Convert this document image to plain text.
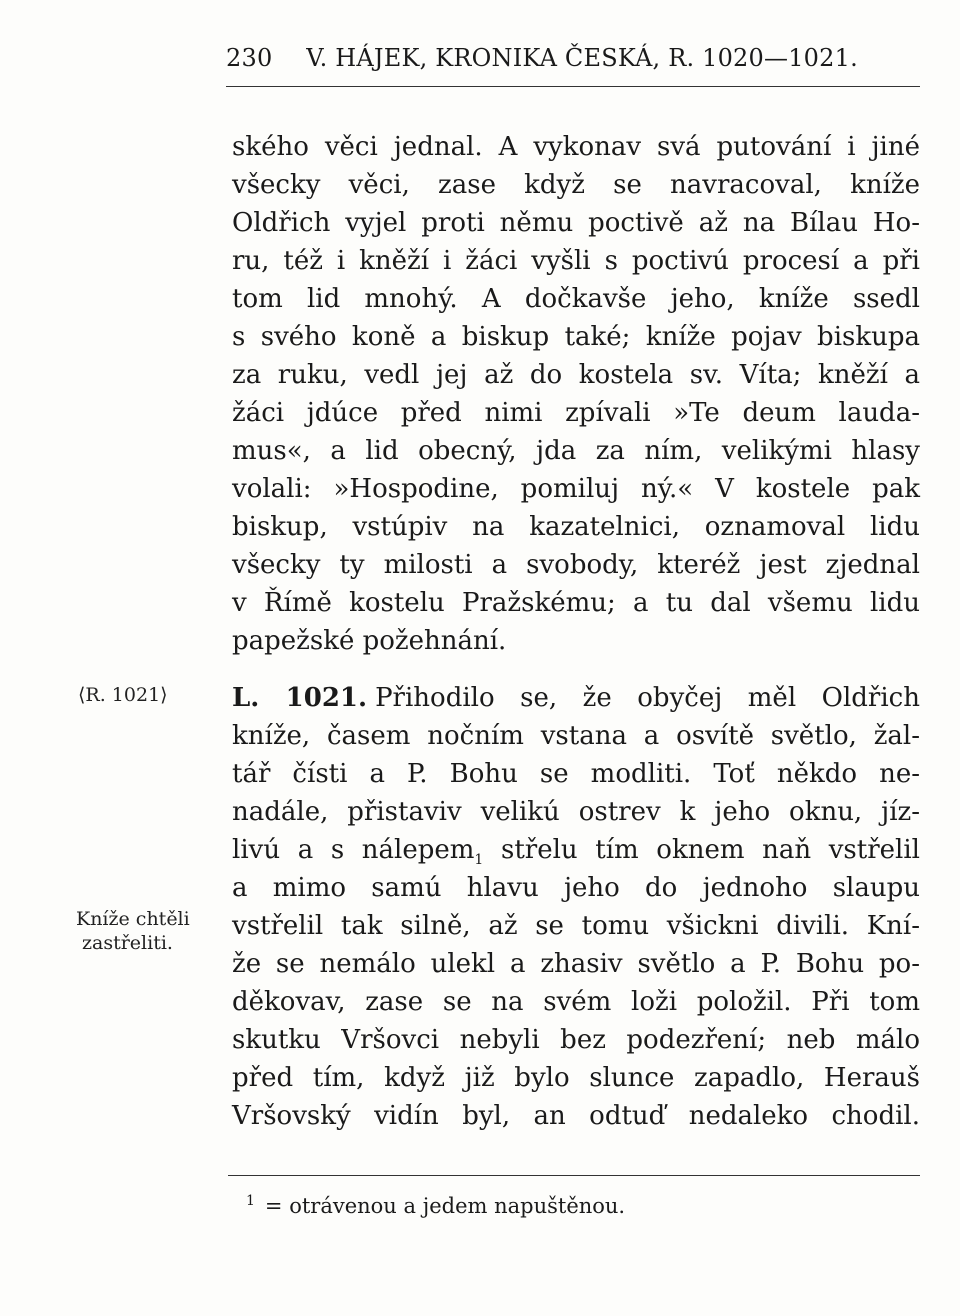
230 V. HÁJEK, KRONIKA ČESKÁ, R. 1020—1021.
ského věci jednal. A vykonav svá putování i jiné
všecky věci, zase když se navracoval, kníže
Oldřich vyjel proti němu poctivě až na Bílau Ho-
ru, též i kněží i žáci vyšli s poctivú procesí a při
tom lid mnohý. A dočkavše jeho, kníže ssedl
s svého koně a biskup také; kníže pojav biskupa
za ruku, vedl jej až do kostela sv. Víta; kněží a
žáci jdúce před nimi zpívali »Te deum lauda-
mus«, a lid obecný, jda za ním, velikými hlasy
volali: »Hospodine, pomiluj ný.« V kostele pak
biskup, vstúpiv na kazatelnici, oznamoval lidu
všecky ty milosti a svobody, kteréž jest zjednal
v Římě kostelu Pražskému; a tu dal všemu lidu
papežské požehnání.
⟨R. 1021⟩ L. 1021. Přihodilo se, že obyčej měl Oldřich
kníže, časem nočním vstana a osvítě světlo, žal-
tář čísti a P. Bohu se modliti. Toť někdo ne-
nadále, přistaviv velikú ostrev k jeho oknu, jíz-
livú a s nálepem$_1$ střelu tím oknem naň vstřelil
a mimo samú hlavu jeho do jednoho slaupu
vstřelil tak silně, až se tomu všickni divili. Kní-
že se nemálo ulekl a zhasiv světlo a P. Bohu po-
děkovav, zase se na svém loži položil. Při tom
skutku Vršovci nebyli bez podezření; neb málo
před tím, když již bylo slunce zapadlo, Herauš
Vršovský vidín byl, an odtuď nedaleko chodil.
Kníže chtěli
zastřeliti.
$^1$ = otrávenou a jedem napuštěnou.
